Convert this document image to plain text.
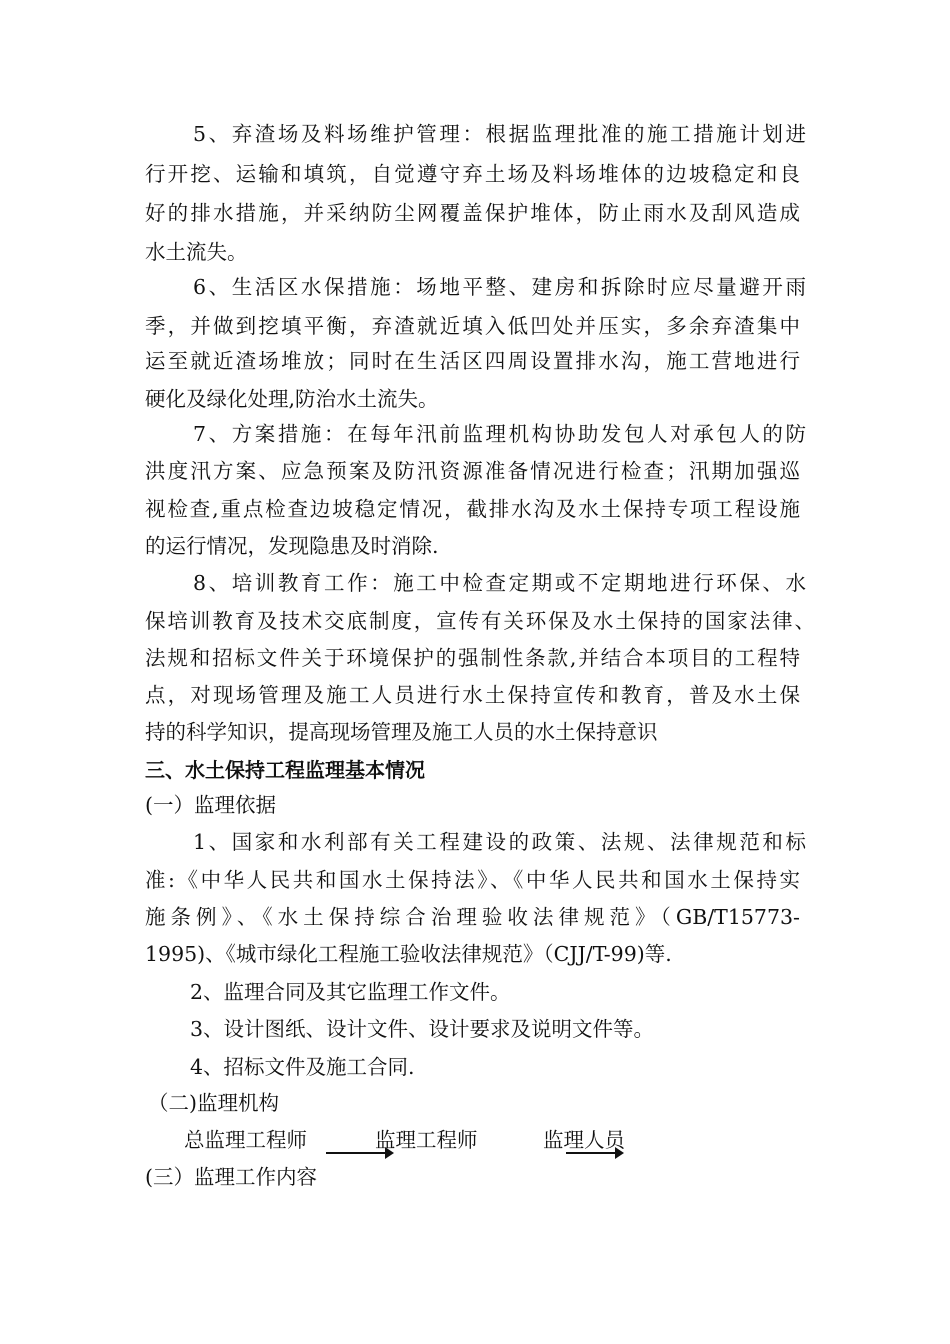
5、弃渣场及料场维护管理：根据监理批准的施工措施计划进
行开挖、运输和填筑，自觉遵守弃土场及料场堆体的边坡稳定和良
好的排水措施，并采纳防尘网覆盖保护堆体，防止雨水及刮风造成
水土流失。
6、生活区水保措施：场地平整、建房和拆除时应尽量避开雨
季，并做到挖填平衡，弃渣就近填入低凹处并压实，多余弃渣集中
运至就近渣场堆放；同时在生活区四周设置排水沟，施工营地进行
硬化及绿化处理,防治水土流失。
7、方案措施：在每年汛前监理机构协助发包人对承包人的防
洪度汛方案、应急预案及防汛资源准备情况进行检查；汛期加强巡
视检查,重点检查边坡稳定情况，截排水沟及水土保持专项工程设施
的运行情况，发现隐患及时消除.
8、培训教育工作：施工中检查定期或不定期地进行环保、水
保培训教育及技术交底制度，宣传有关环保及水土保持的国家法律、
法规和招标文件关于环境保护的强制性条款,并结合本项目的工程特
点，对现场管理及施工人员进行水土保持宣传和教育，普及水土保
持的科学知识，提高现场管理及施工人员的水土保持意识
三、水土保持工程监理基本情况
(一）监理依据
1、国家和水利部有关工程建设的政策、法规、法律规范和标
准:《中华人民共和国水土保持法》、《中华人民共和国水土保持实
施条例》、《水土保持综合治理验收法律规范》（GB/T15773-
1995)、《城市绿化工程施工验收法律规范》（CJJ/T-99)等.
2、监理合同及其它监理工作文件。
3、设计图纸、设计文件、设计要求及说明文件等。
4、招标文件及施工合同.
（二)监理机构
总监理工程师	监理工程师	监理人员
(三）监理工作内容
